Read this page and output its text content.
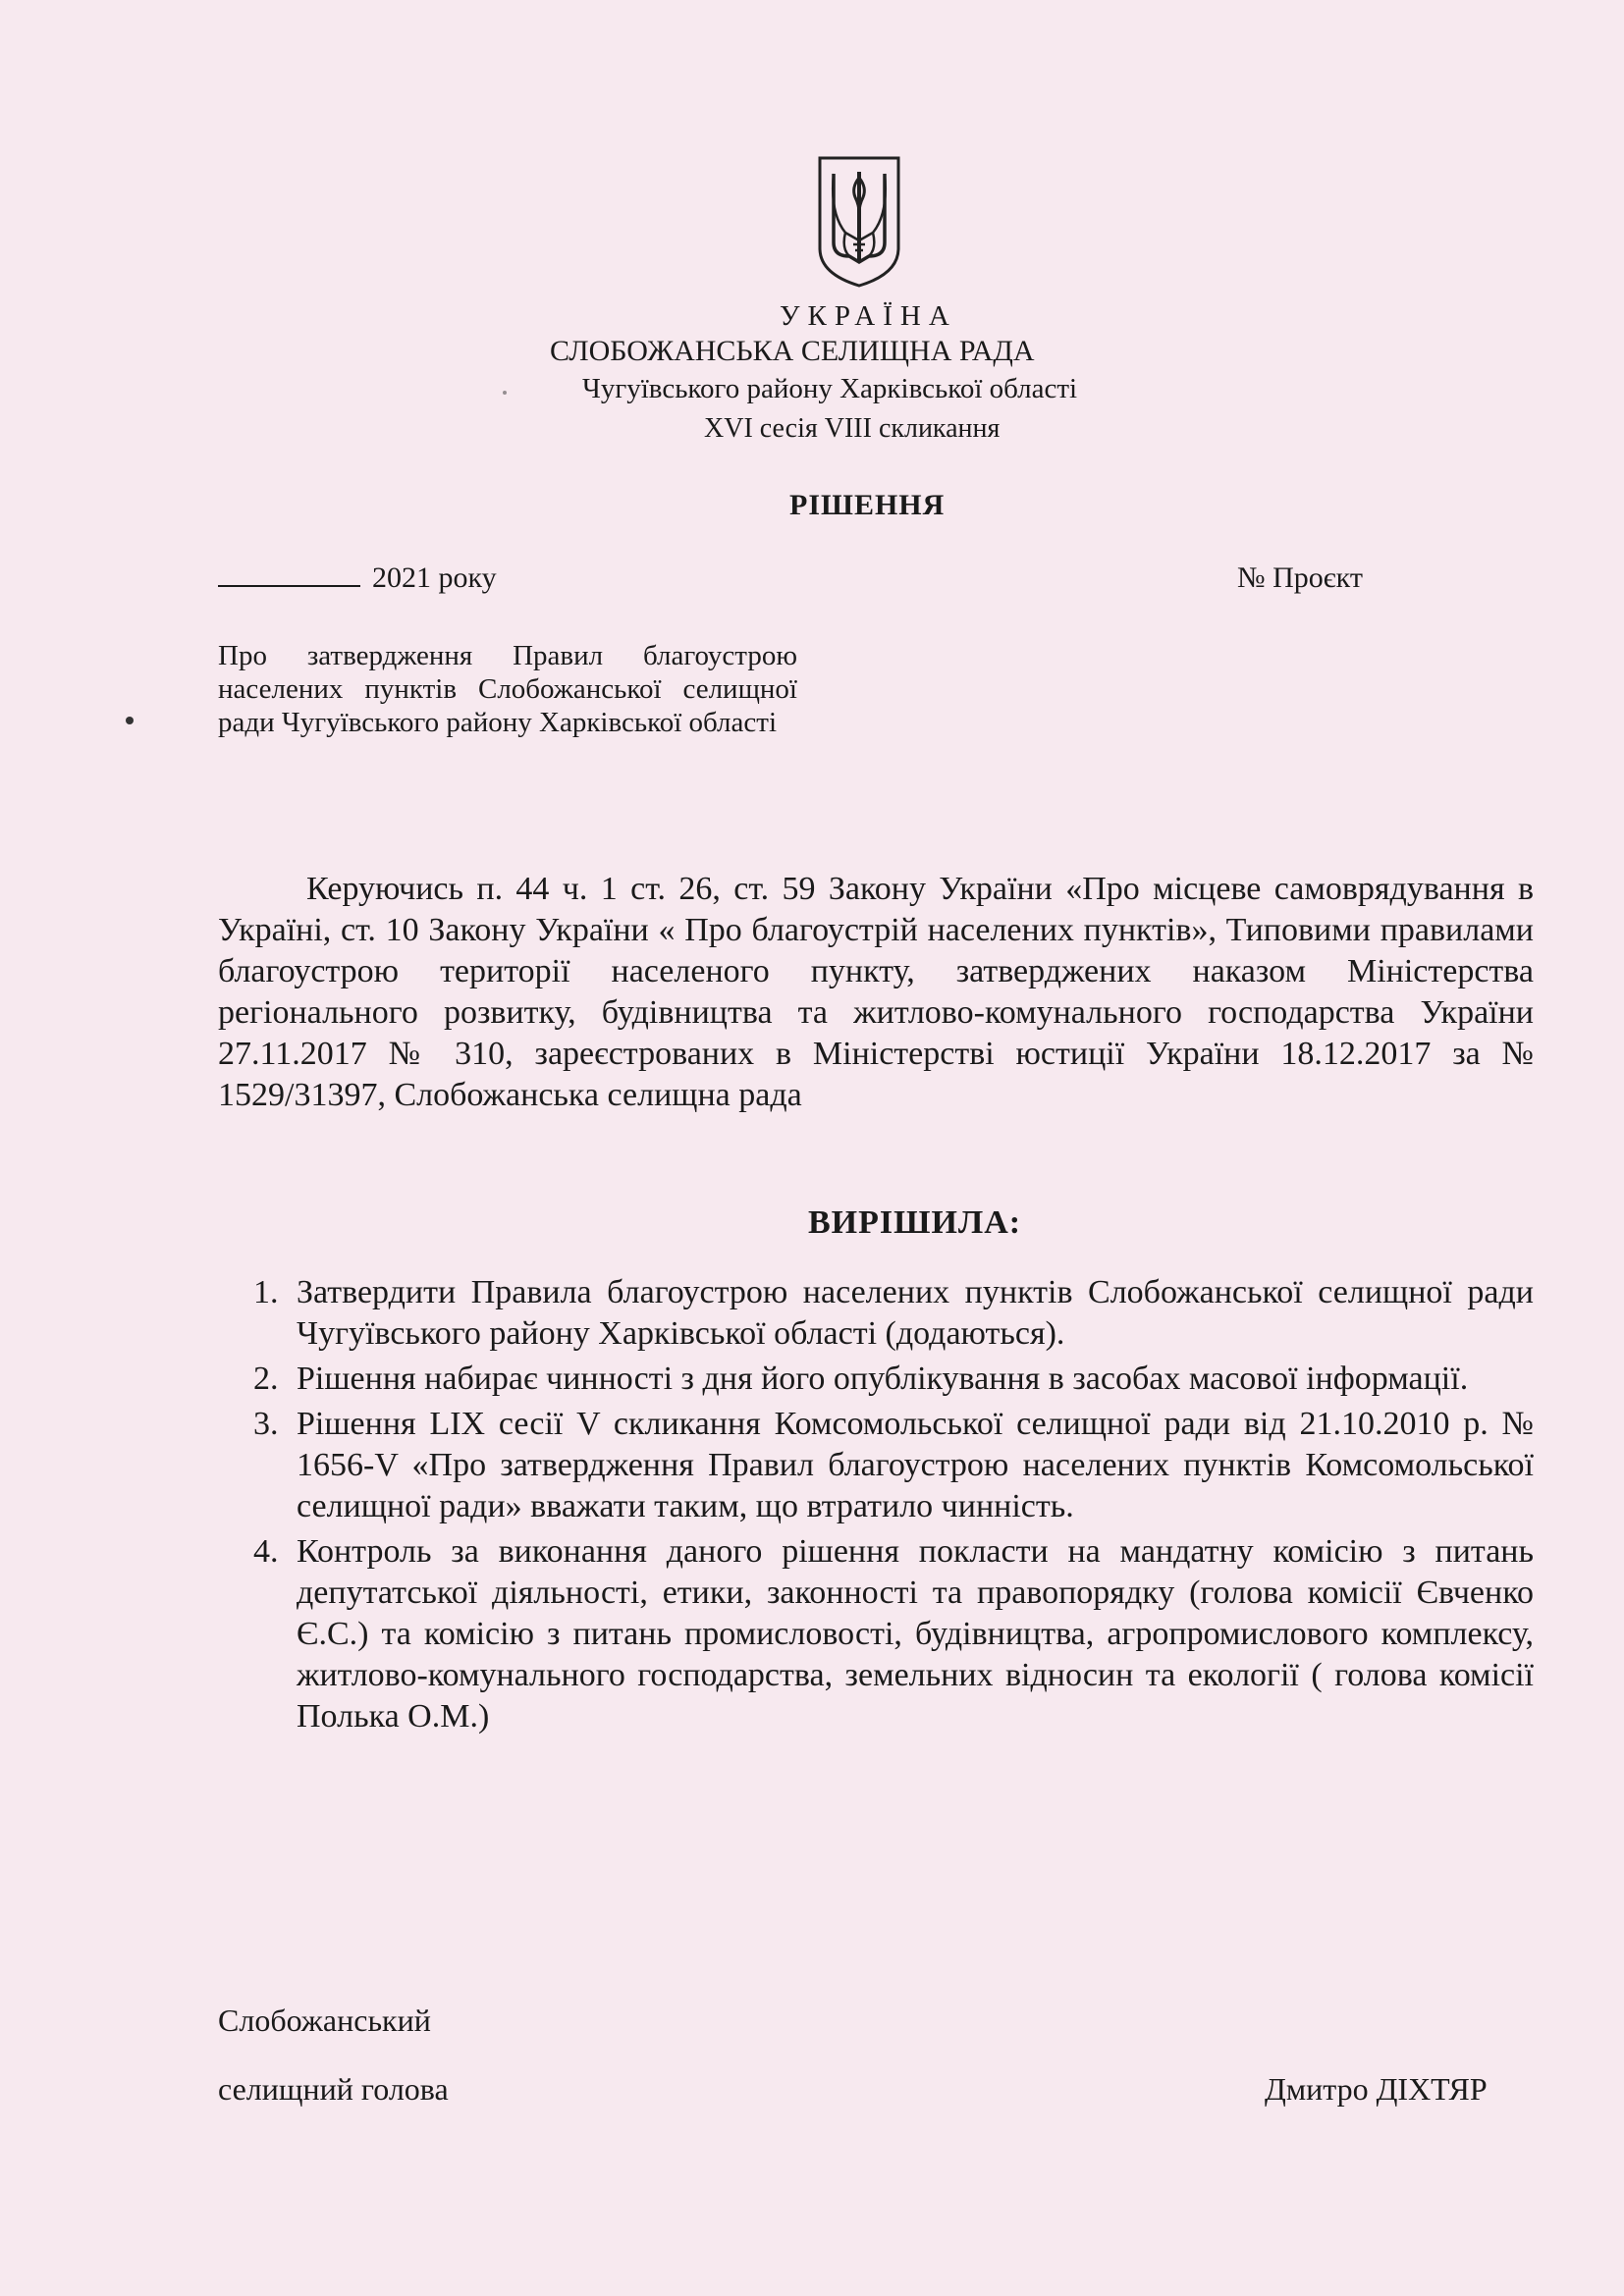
УКРАЇНА
СЛОБОЖАНСЬКА СЕЛИЩНА РАДА
Чугуївського району Харківської області
XVI сесія VIII скликання
РІШЕННЯ
2021 року	№ Проєкт
Про затвердження Правил благоустрою населених пунктів Слобожанської селищної ради Чугуївського району Харківської області
Керуючись п. 44 ч. 1 ст. 26, ст. 59 Закону України «Про місцеве самоврядування в Україні, ст. 10 Закону України « Про благоустрій населених пунктів», Типовими правилами благоустрою території населеного пункту, затверджених наказом Міністерства регіонального розвитку, будівництва та житлово-комунального господарства України 27.11.2017 № 310, зареєстрованих в Міністерстві юстиції України 18.12.2017 за № 1529/31397, Слобожанська селищна рада
ВИРІШИЛА:
1. Затвердити Правила благоустрою населених пунктів Слобожанської селищної ради Чугуївського району Харківської області (додаються).
2. Рішення набирає чинності з дня його опублікування в засобах масової інформації.
3. Рішення LIX сесії V скликання Комсомольської селищної ради від 21.10.2010 р. № 1656-V «Про затвердження Правил благоустрою населених пунктів Комсомольської селищної ради» вважати таким, що втратило чинність.
4. Контроль за виконання даного рішення покласти на мандатну комісію з питань депутатської діяльності, етики, законності та правопорядку (голова комісії Євченко Є.С.) та комісію з питань промисловості, будівництва, агропромислового комплексу, житлово-комунального господарства, земельних відносин та екології ( голова комісії Полька О.М.)
Слобожанський
селищний голова	Дмитро ДІХТЯР
